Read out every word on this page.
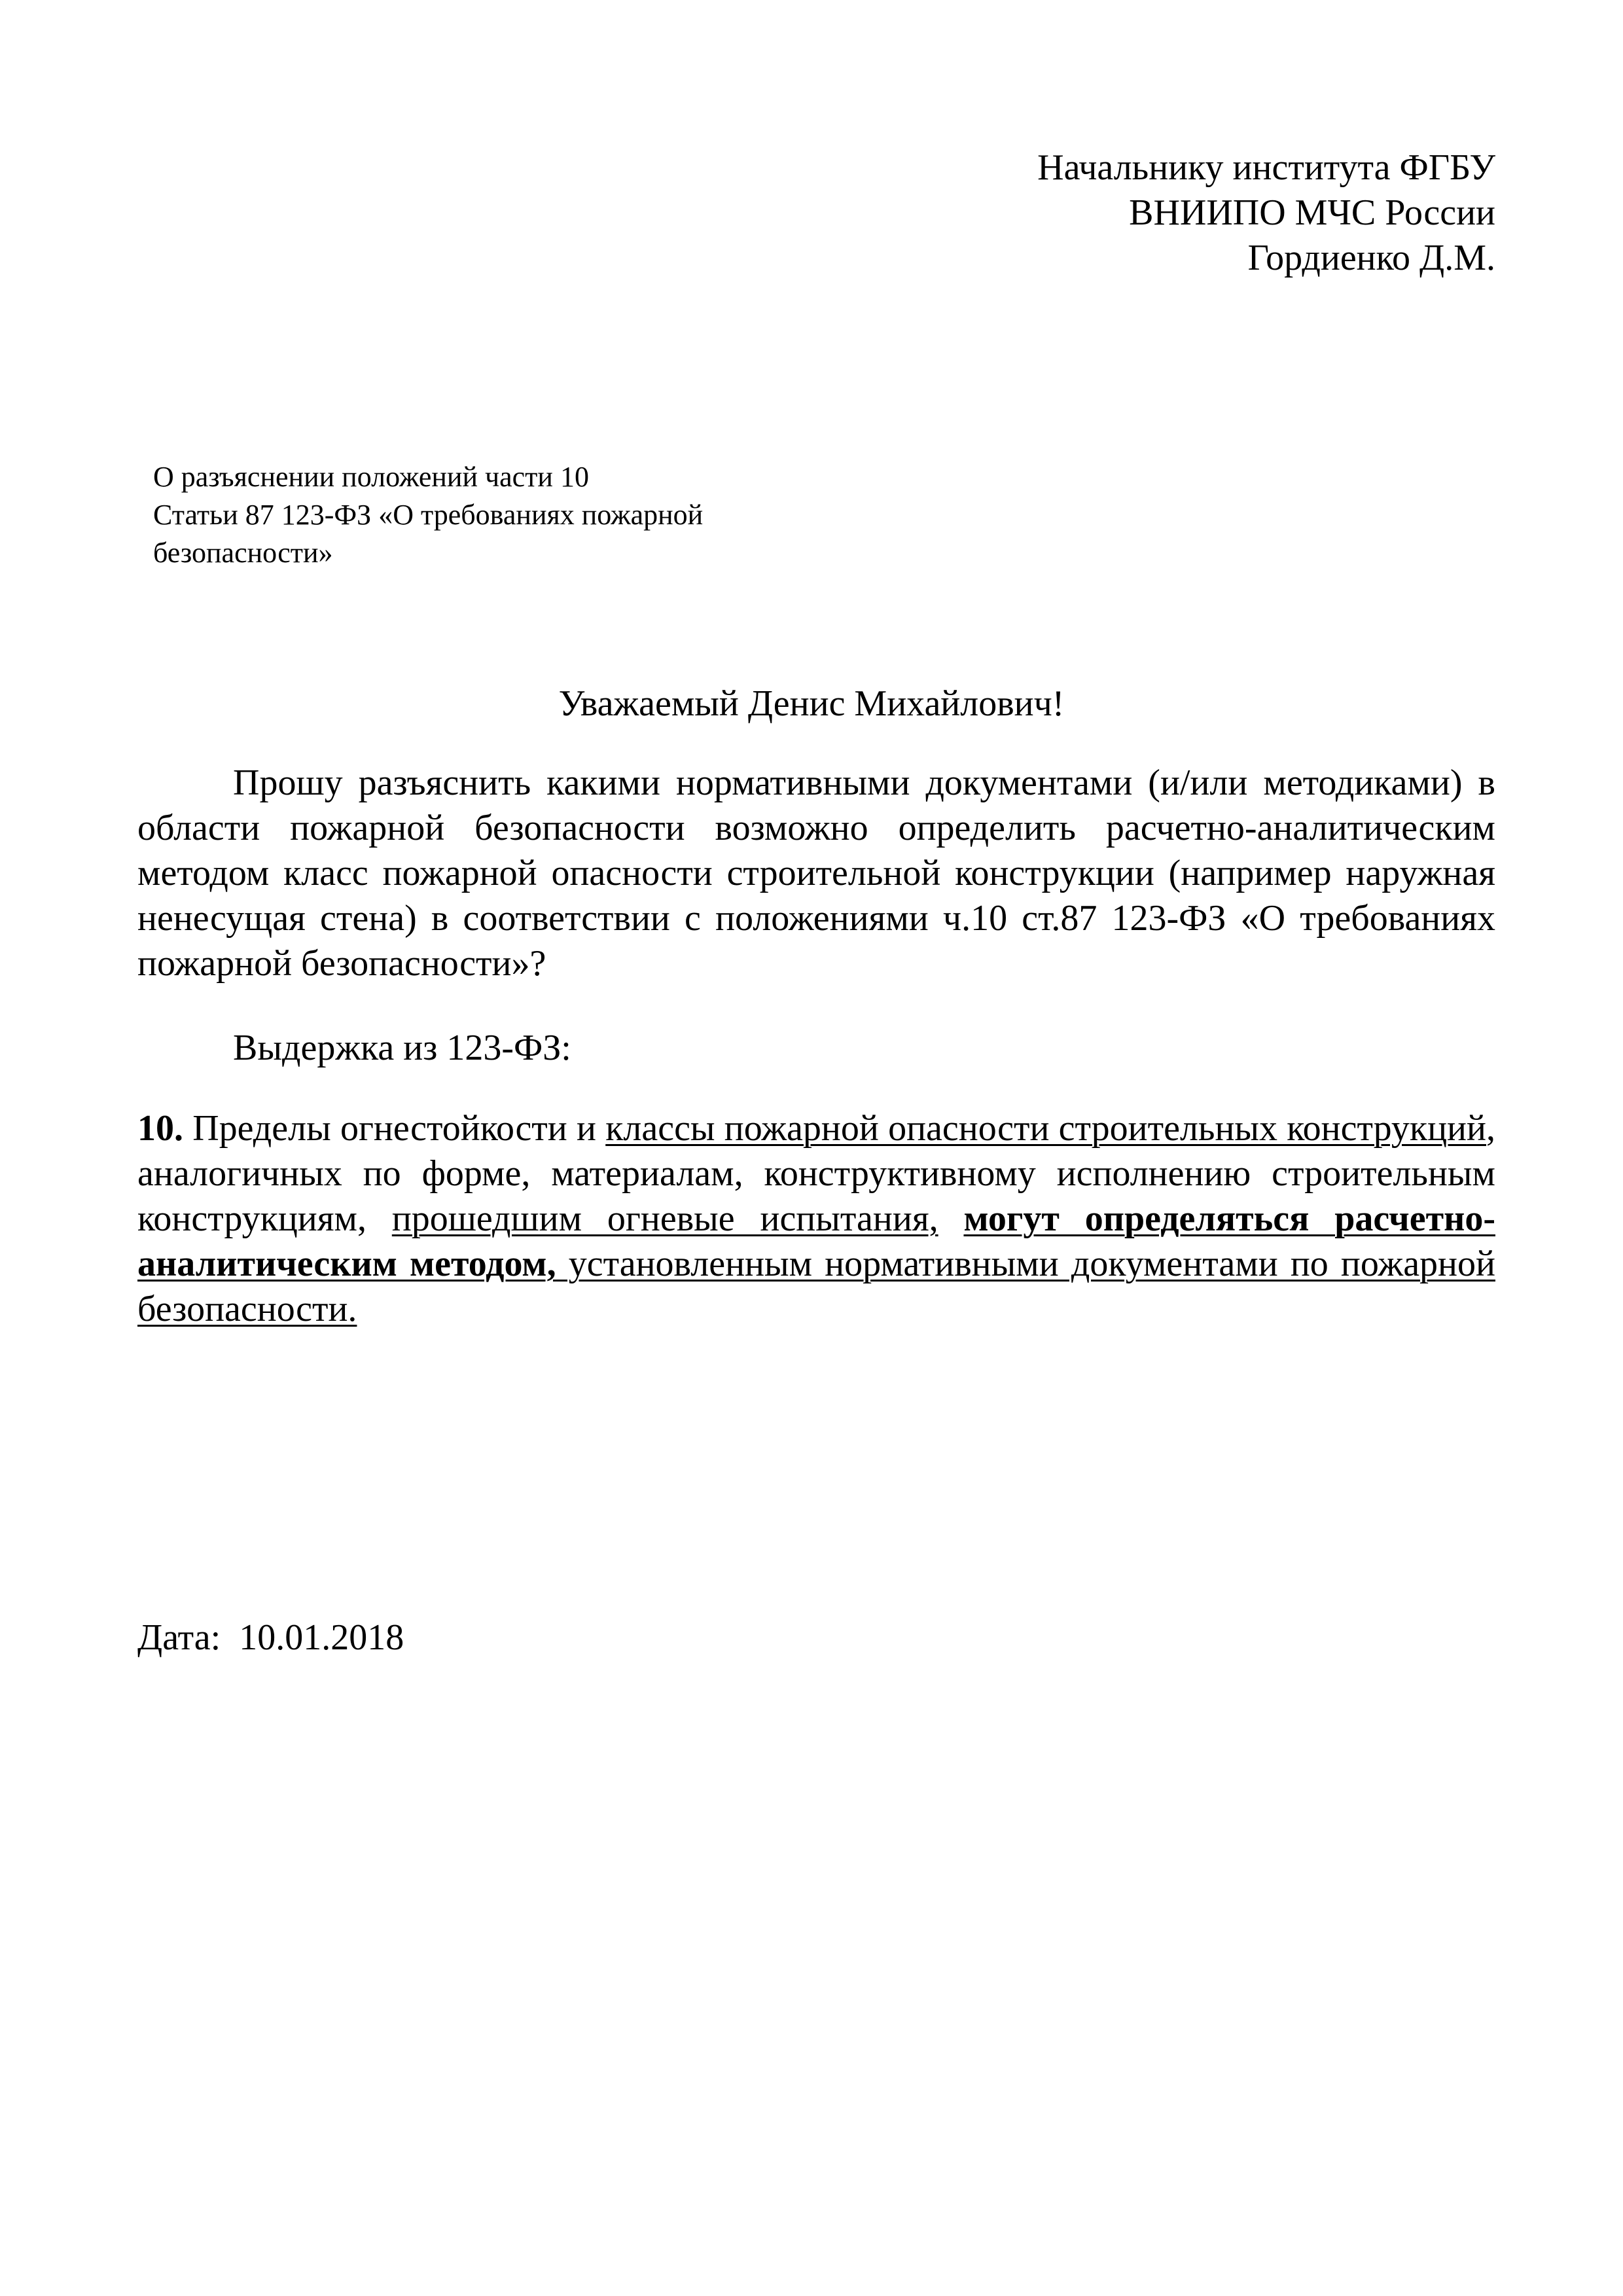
Начальнику института ФГБУ
ВНИИПО МЧС России
Гордиенко Д.М.
О разъяснении положений части 10
Статьи 87 123-ФЗ «О требованиях пожарной
безопасности»
Уважаемый Денис Михайлович!
Прошу разъяснить какими нормативными документами (и/или методиками) в области пожарной безопасности возможно определить расчетно-аналитическим методом класс пожарной опасности строительной конструкции (например наружная ненесущая стена) в соответствии с положениями ч.10 ст.87 123-ФЗ «О требованиях пожарной безопасности»?
Выдержка из 123-ФЗ:
10. Пределы огнестойкости и классы пожарной опасности строительных конструкций, аналогичных по форме, материалам, конструктивному исполнению строительным конструкциям, прошедшим огневые испытания, могут определяться расчетно-аналитическим методом, установленным нормативными документами по пожарной безопасности.
Дата: 10.01.2018
